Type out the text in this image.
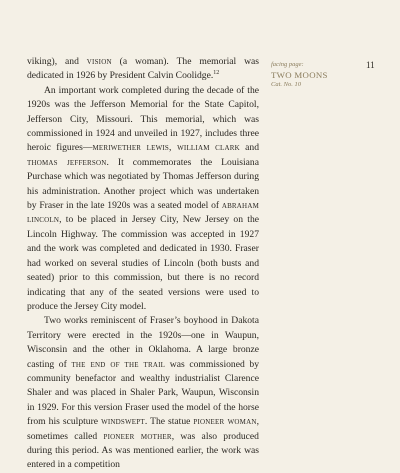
viking), and vision (a woman). The memorial was dedicated in 1926 by President Calvin Coolidge.$^{12}$

An important work completed during the decade of the 1920s was the Jefferson Memorial for the State Capitol, Jefferson City, Missouri. This memorial, which was commissioned in 1924 and unveiled in 1927, includes three heroic figures—meriwether lewis, william clark and thomas jefferson. It commemorates the Louisiana Purchase which was negotiated by Thomas Jefferson during his administration. Another project which was undertaken by Fraser in the late 1920s was a seated model of abraham lincoln, to be placed in Jersey City, New Jersey on the Lincoln Highway. The commission was accepted in 1927 and the work was completed and dedicated in 1930. Fraser had worked on several studies of Lincoln (both busts and seated) prior to this commission, but there is no record indicating that any of the seated versions were used to produce the Jersey City model.

Two works reminiscent of Fraser’s boyhood in Dakota Territory were erected in the 1920s—one in Waupun, Wisconsin and the other in Oklahoma. A large bronze casting of the end of the trail was commissioned by community benefactor and wealthy industrialist Clarence Shaler and was placed in Shaler Park, Waupun, Wisconsin in 1929. For this version Fraser used the model of the horse from his sculpture windswept. The statue pioneer woman, sometimes called pioneer mother, was also produced during this period. As was mentioned earlier, the work was entered in a competition

facing page:
TWO MOONS
Cat. No. 10
11
